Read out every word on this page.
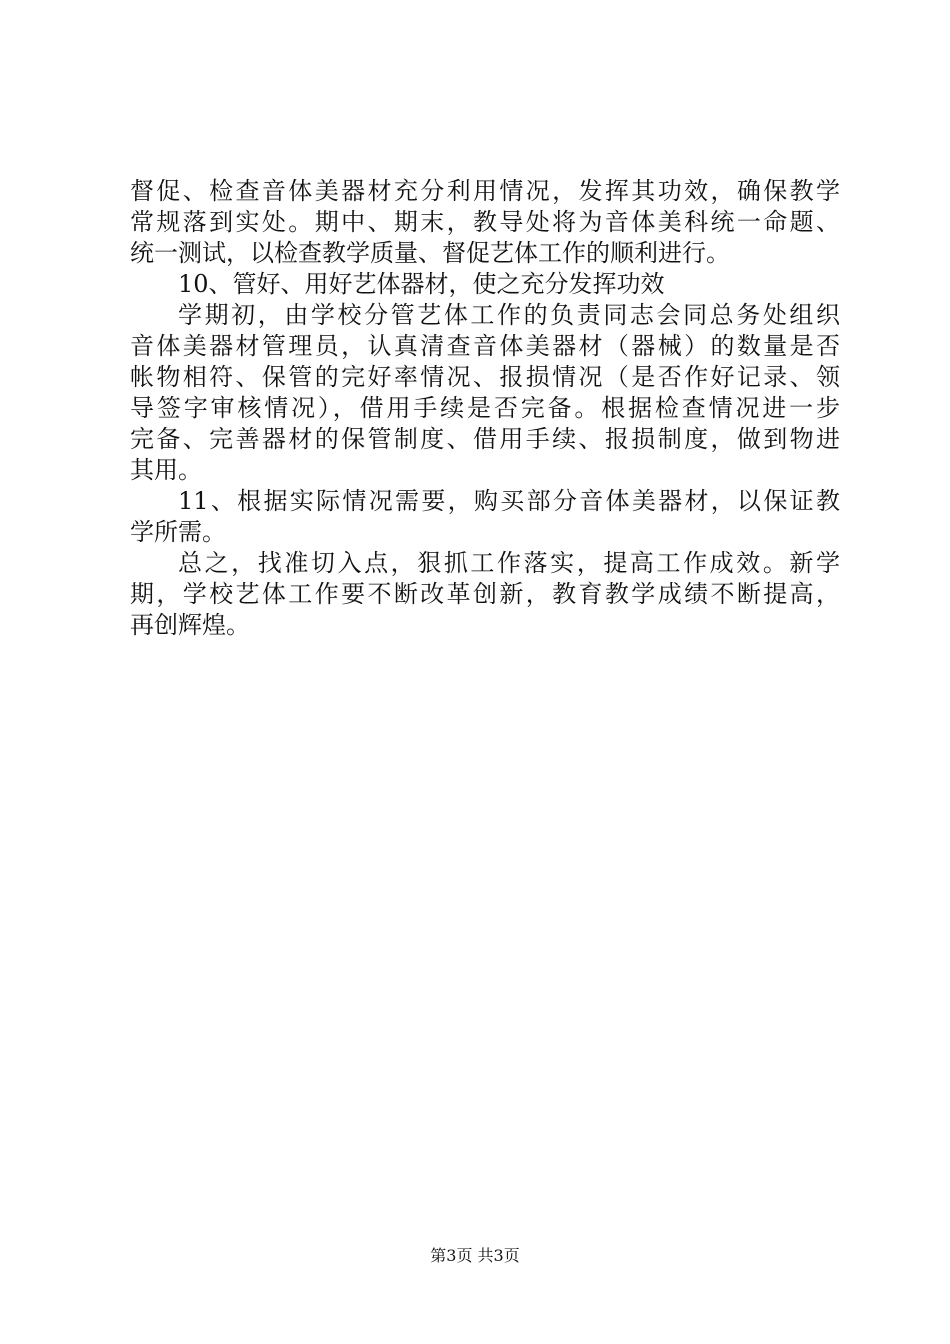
督促、检查音体美器材充分利用情况，发挥其功效，确保教学
常规落到实处。期中、期末，教导处将为音体美科统一命题、
统一测试，以检查教学质量、督促艺体工作的顺利进行。
10、管好、用好艺体器材，使之充分发挥功效
学期初，由学校分管艺体工作的负责同志会同总务处组织
音体美器材管理员，认真清查音体美器材（器械）的数量是否
帐物相符、保管的完好率情况、报损情况（是否作好记录、领
导签字审核情况），借用手续是否完备。根据检查情况进一步
完备、完善器材的保管制度、借用手续、报损制度，做到物进
其用。
11、根据实际情况需要，购买部分音体美器材，以保证教
学所需。
总之，找准切入点，狠抓工作落实，提高工作成效。新学
期，学校艺体工作要不断改革创新，教育教学成绩不断提高，
再创辉煌。
第3页 共3页
